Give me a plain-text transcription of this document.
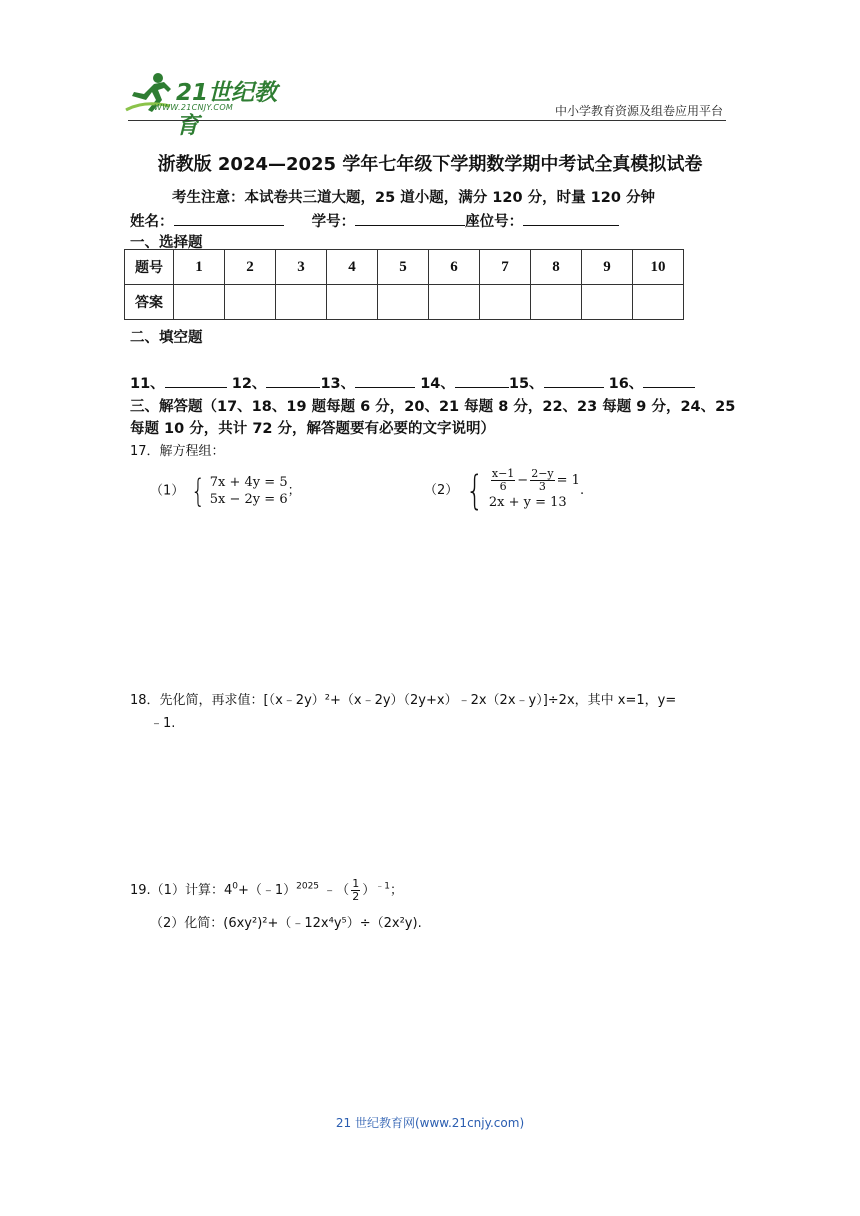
21世纪教育
WWW.21CNJY.COM	中小学教育资源及组卷应用平台
浙教版 2024—2025 学年七年级下学期数学期中考试全真模拟试卷
考生注意：本试卷共三道大题，25 道小题，满分 120 分，时量 120 分钟
姓名：	学号：	座位号：
一、选择题
题号	1	2	3	4	5	6	7	8	9	10
答案										
二、填空题
11、	12、	13、	14、	15、	16、
三、解答题（17、18、19 题每题 6 分，20、21 每题 8 分，22、23 每题 9 分，24、25 每题 10 分，共计 72 分，解答题要有必要的文字说明）
17．解方程组：
（1） { 7x + 4y = 5
5x − 2y = 6
；	（2） { $\frac{x-1}{6} - \frac{2-y}{3} = 1$
2x + y = 13
.
18．先化简，再求值：[（x﹣2y）²+（x﹣2y）（2y+x）﹣2x（2x﹣y）]÷2x，其中 x=1，y=
﹣1.
19.（1）计算：$4^0+(﹣1)^{2025}$ ﹣（ $\frac{1}{2} )^{﹣1}$；
（2）化简：(6xy²)²+（﹣12x⁴y⁵）÷（2x²y).
21 世纪教育网(www.21cnjy.com)
